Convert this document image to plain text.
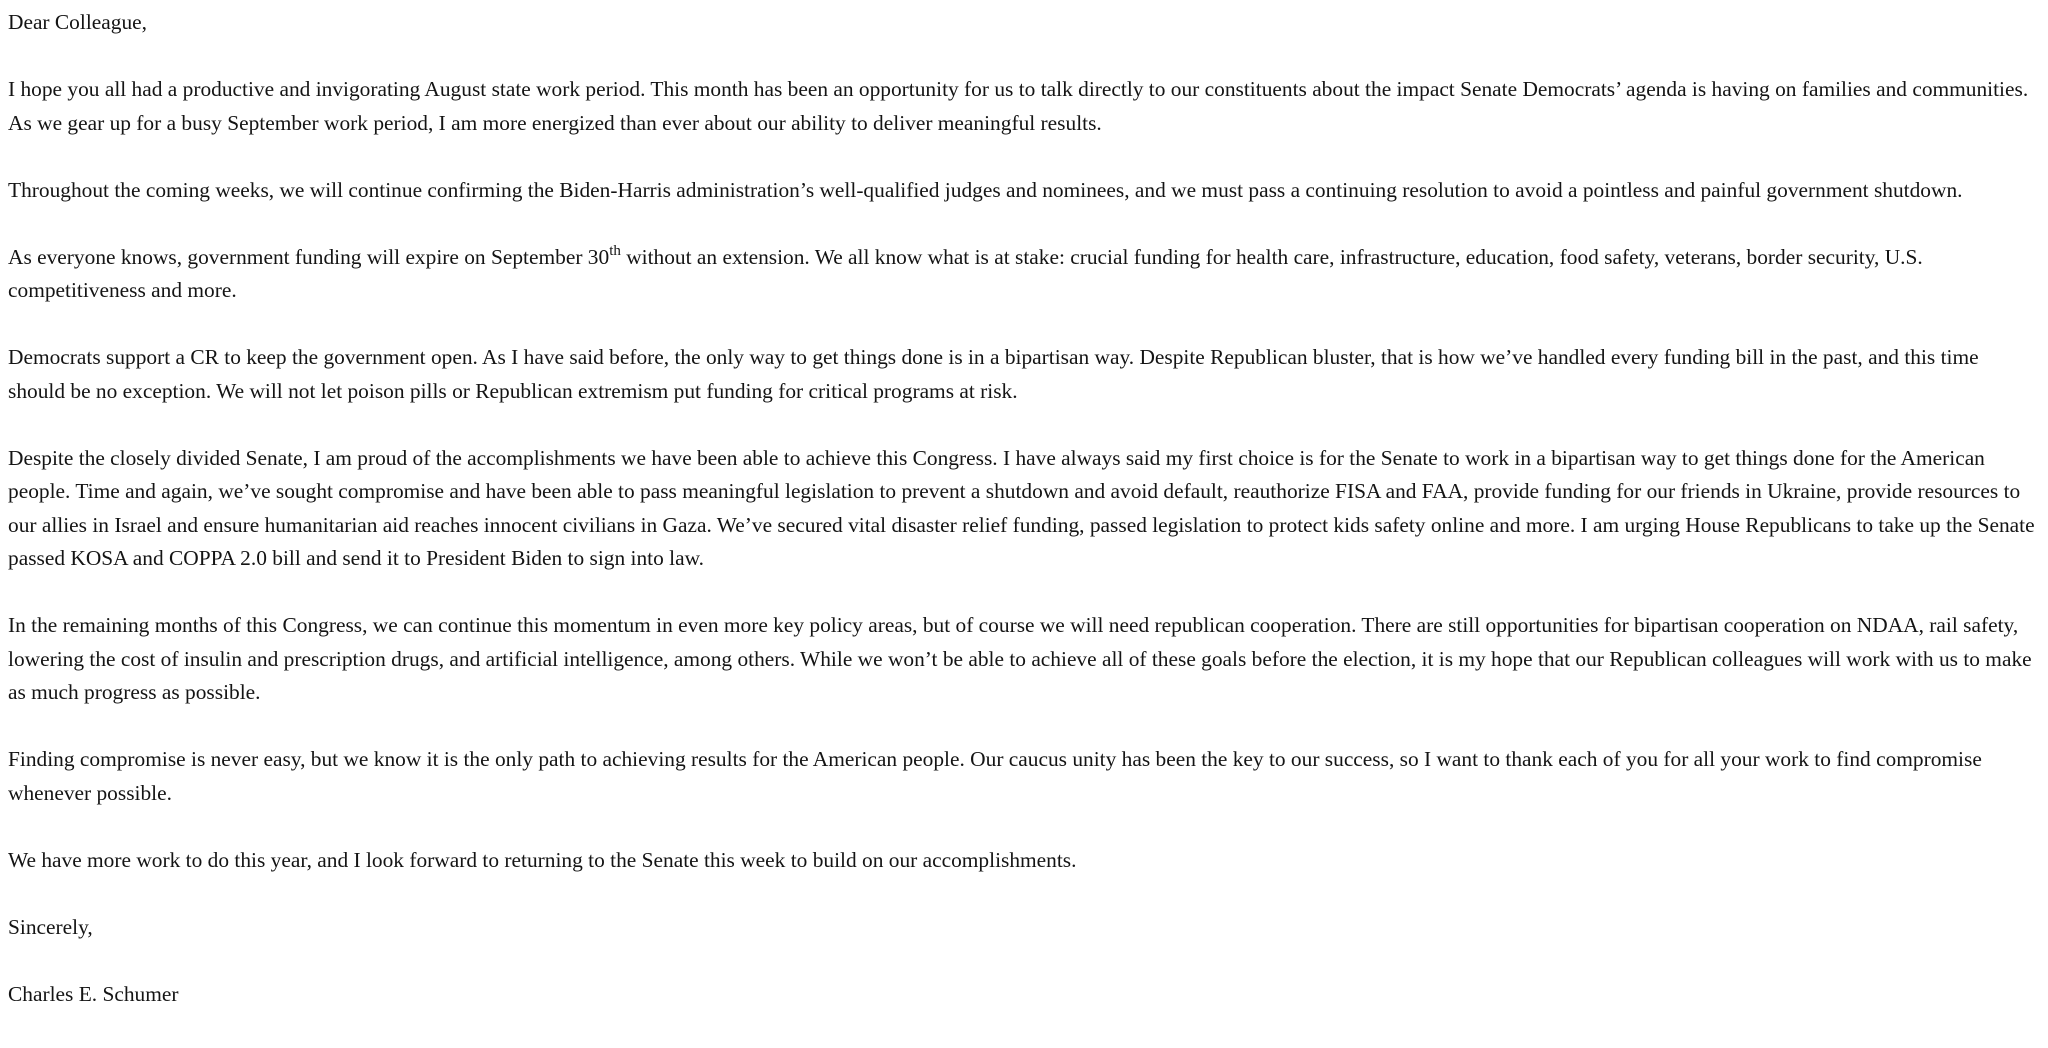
Dear Colleague,

I hope you all had a productive and invigorating August state work period. This month has been an opportunity for us to talk directly to our constituents about the impact Senate Democrats’ agenda is having on families and communities. As we gear up for a busy September work period, I am more energized than ever about our ability to deliver meaningful results.

Throughout the coming weeks, we will continue confirming the Biden-Harris administration’s well-qualified judges and nominees, and we must pass a continuing resolution to avoid a pointless and painful government shutdown.

As everyone knows, government funding will expire on September 30th without an extension. We all know what is at stake: crucial funding for health care, infrastructure, education, food safety, veterans, border security, U.S. competitiveness and more.

Democrats support a CR to keep the government open. As I have said before, the only way to get things done is in a bipartisan way. Despite Republican bluster, that is how we’ve handled every funding bill in the past, and this time should be no exception. We will not let poison pills or Republican extremism put funding for critical programs at risk.

Despite the closely divided Senate, I am proud of the accomplishments we have been able to achieve this Congress. I have always said my first choice is for the Senate to work in a bipartisan way to get things done for the American people. Time and again, we’ve sought compromise and have been able to pass meaningful legislation to prevent a shutdown and avoid default, reauthorize FISA and FAA, provide funding for our friends in Ukraine, provide resources to our allies in Israel and ensure humanitarian aid reaches innocent civilians in Gaza. We’ve secured vital disaster relief funding, passed legislation to protect kids safety online and more. I am urging House Republicans to take up the Senate passed KOSA and COPPA 2.0 bill and send it to President Biden to sign into law.

In the remaining months of this Congress, we can continue this momentum in even more key policy areas, but of course we will need republican cooperation. There are still opportunities for bipartisan cooperation on NDAA, rail safety, lowering the cost of insulin and prescription drugs, and artificial intelligence, among others. While we won’t be able to achieve all of these goals before the election, it is my hope that our Republican colleagues will work with us to make as much progress as possible.

Finding compromise is never easy, but we know it is the only path to achieving results for the American people. Our caucus unity has been the key to our success, so I want to thank each of you for all your work to find compromise whenever possible.

We have more work to do this year, and I look forward to returning to the Senate this week to build on our accomplishments.

Sincerely,

Charles E. Schumer
